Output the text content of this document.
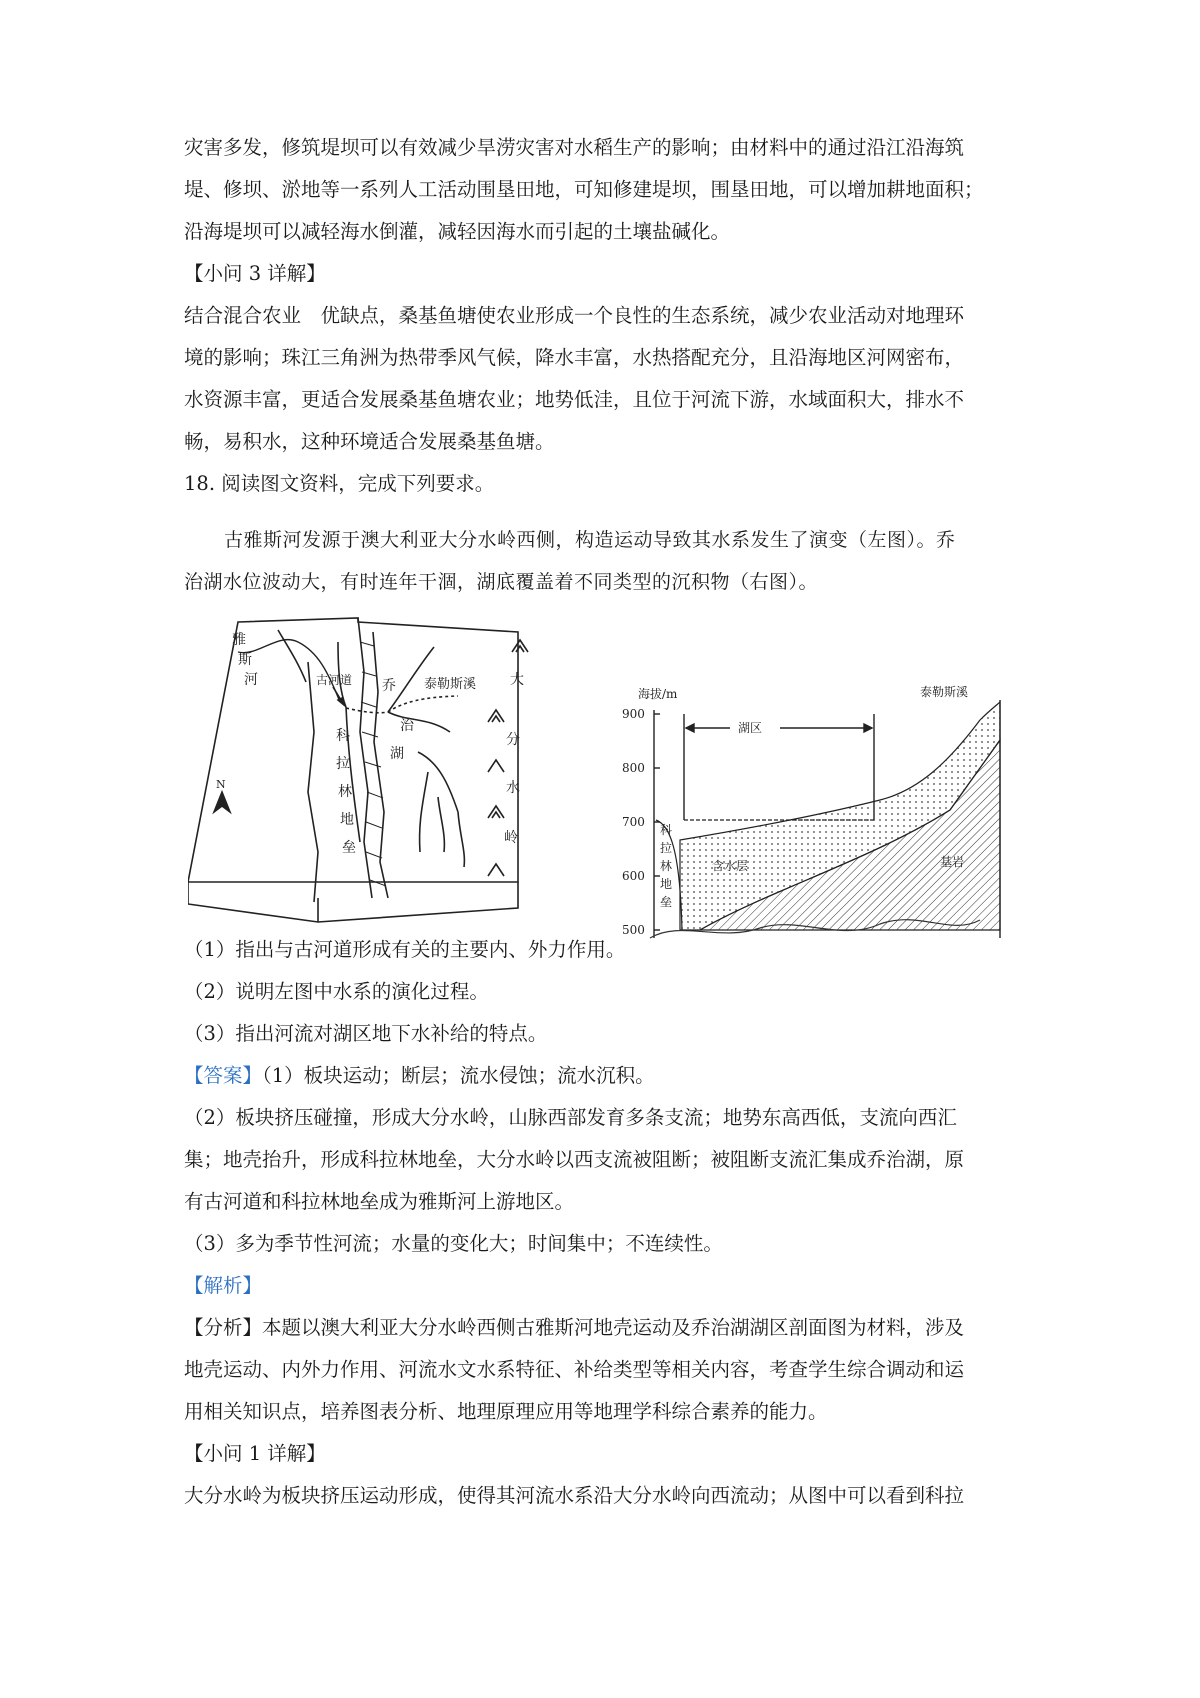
灾害多发，修筑堤坝可以有效减少旱涝灾害对水稻生产的影响；由材料中的通过沿江沿海筑

堤、修坝、淤地等一系列人工活动围垦田地，可知修建堤坝，围垦田地，可以增加耕地面积；

沿海堤坝可以减轻海水倒灌，减轻因海水而引起的土壤盐碱化。

【小问 3 详解】

结合混合农业　优缺点，桑基鱼塘使农业形成一个良性的生态系统，减少农业活动对地理环

境的影响；珠江三角洲为热带季风气候，降水丰富，水热搭配充分，且沿海地区河网密布，

水资源丰富，更适合发展桑基鱼塘农业；地势低洼，且位于河流下游，水域面积大，排水不

畅，易积水，这种环境适合发展桑基鱼塘。

18. 阅读图文资料，完成下列要求。

古雅斯河发源于澳大利亚大分水岭西侧，构造运动导致其水系发生了演变（左图）。乔

治湖水位波动大，有时连年干涸，湖底覆盖着不同类型的沉积物（右图）。

雅斯河	古河道 乔
治
湖
泰勒斯溪
科拉林地垒
大分水岭
N
海拔/m
900
800
700
600
500
湖区
泰勒斯溪
含水层	基岩
科拉林地垒

（1）指出与古河道形成有关的主要内、外力作用。

（2）说明左图中水系的演化过程。

（3）指出河流对湖区地下水补给的特点。

【答案】（1）板块运动；断层；流水侵蚀；流水沉积。

（2）板块挤压碰撞，形成大分水岭，山脉西部发育多条支流；地势东高西低，支流向西汇

集；地壳抬升，形成科拉林地垒，大分水岭以西支流被阻断；被阻断支流汇集成乔治湖，原

有古河道和科拉林地垒成为雅斯河上游地区。

（3）多为季节性河流；水量的变化大；时间集中；不连续性。

【解析】

【分析】本题以澳大利亚大分水岭西侧古雅斯河地壳运动及乔治湖湖区剖面图为材料，涉及

地壳运动、内外力作用、河流水文水系特征、补给类型等相关内容，考查学生综合调动和运

用相关知识点，培养图表分析、地理原理应用等地理学科综合素养的能力。

【小问 1 详解】

大分水岭为板块挤压运动形成，使得其河流水系沿大分水岭向西流动；从图中可以看到科拉
